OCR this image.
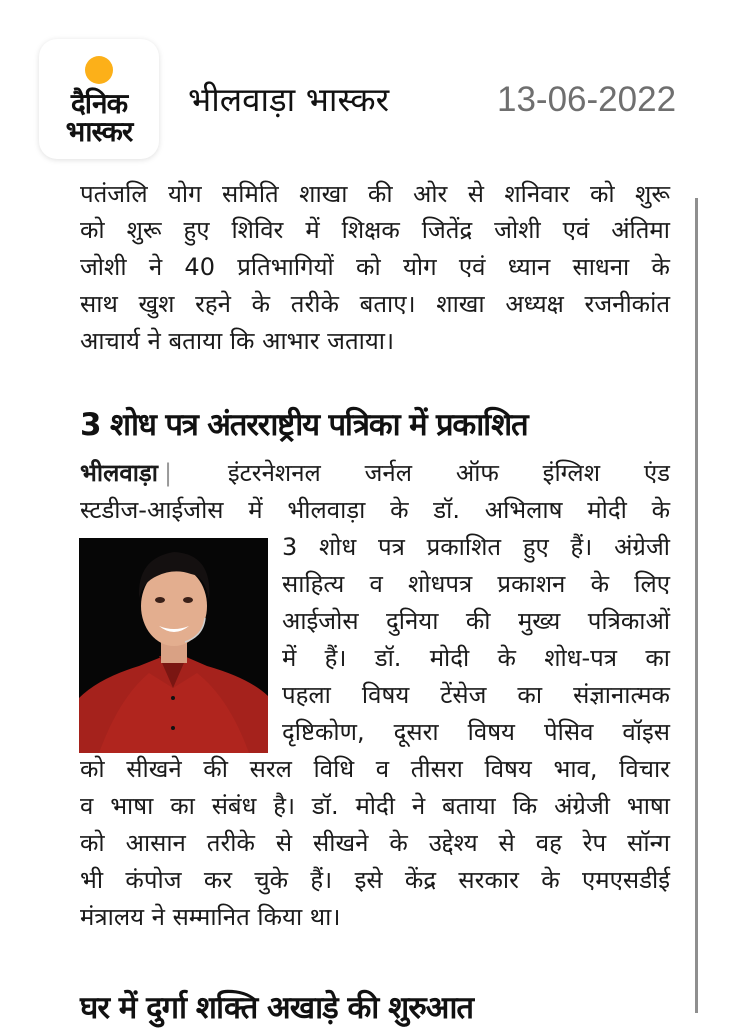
दैनिक
भास्कर
भीलवाड़ा भास्कर	13-06-2022
पतंजलि योग समिति शाखा की ओर से शनिवार को शुरू
को शुरू हुए शिविर में शिक्षक जितेंद्र जोशी एवं अंतिमा
जोशी ने 40 प्रतिभागियों को योग एवं ध्यान साधना के
साथ खुश रहने के तरीके बताए। शाखा अध्यक्ष रजनीकांत
आचार्य ने बताया कि आभार जताया।
3 शोध पत्र अंतरराष्ट्रीय पत्रिका में प्रकाशित
भीलवाड़ा |	इंटरनेशनल जर्नल ऑफ इंग्लिश एंड
स्टडीज-आईजोस में भीलवाड़ा के डॉ. अभिलाष मोदी के
3 शोध पत्र प्रकाशित हुए हैं। अंग्रेजी
साहित्य व शोधपत्र प्रकाशन के लिए
आईजोस दुनिया की मुख्य पत्रिकाओं
में हैं। डॉ. मोदी के शोध-पत्र का
पहला विषय टेंसेज का संज्ञानात्मक
दृष्टिकोण, दूसरा विषय पेसिव वॉइस
को सीखने की सरल विधि व तीसरा विषय भाव, विचार
व भाषा का संबंध है। डॉ. मोदी ने बताया कि अंग्रेजी भाषा
को आसान तरीके से सीखने के उद्देश्य से वह रेप सॉन्ग
भी कंपोज कर चुके हैं। इसे केंद्र सरकार के एमएसडीई
मंत्रालय ने सम्मानित किया था।
घर में दुर्गा शक्ति अखाड़े की शुरुआत
